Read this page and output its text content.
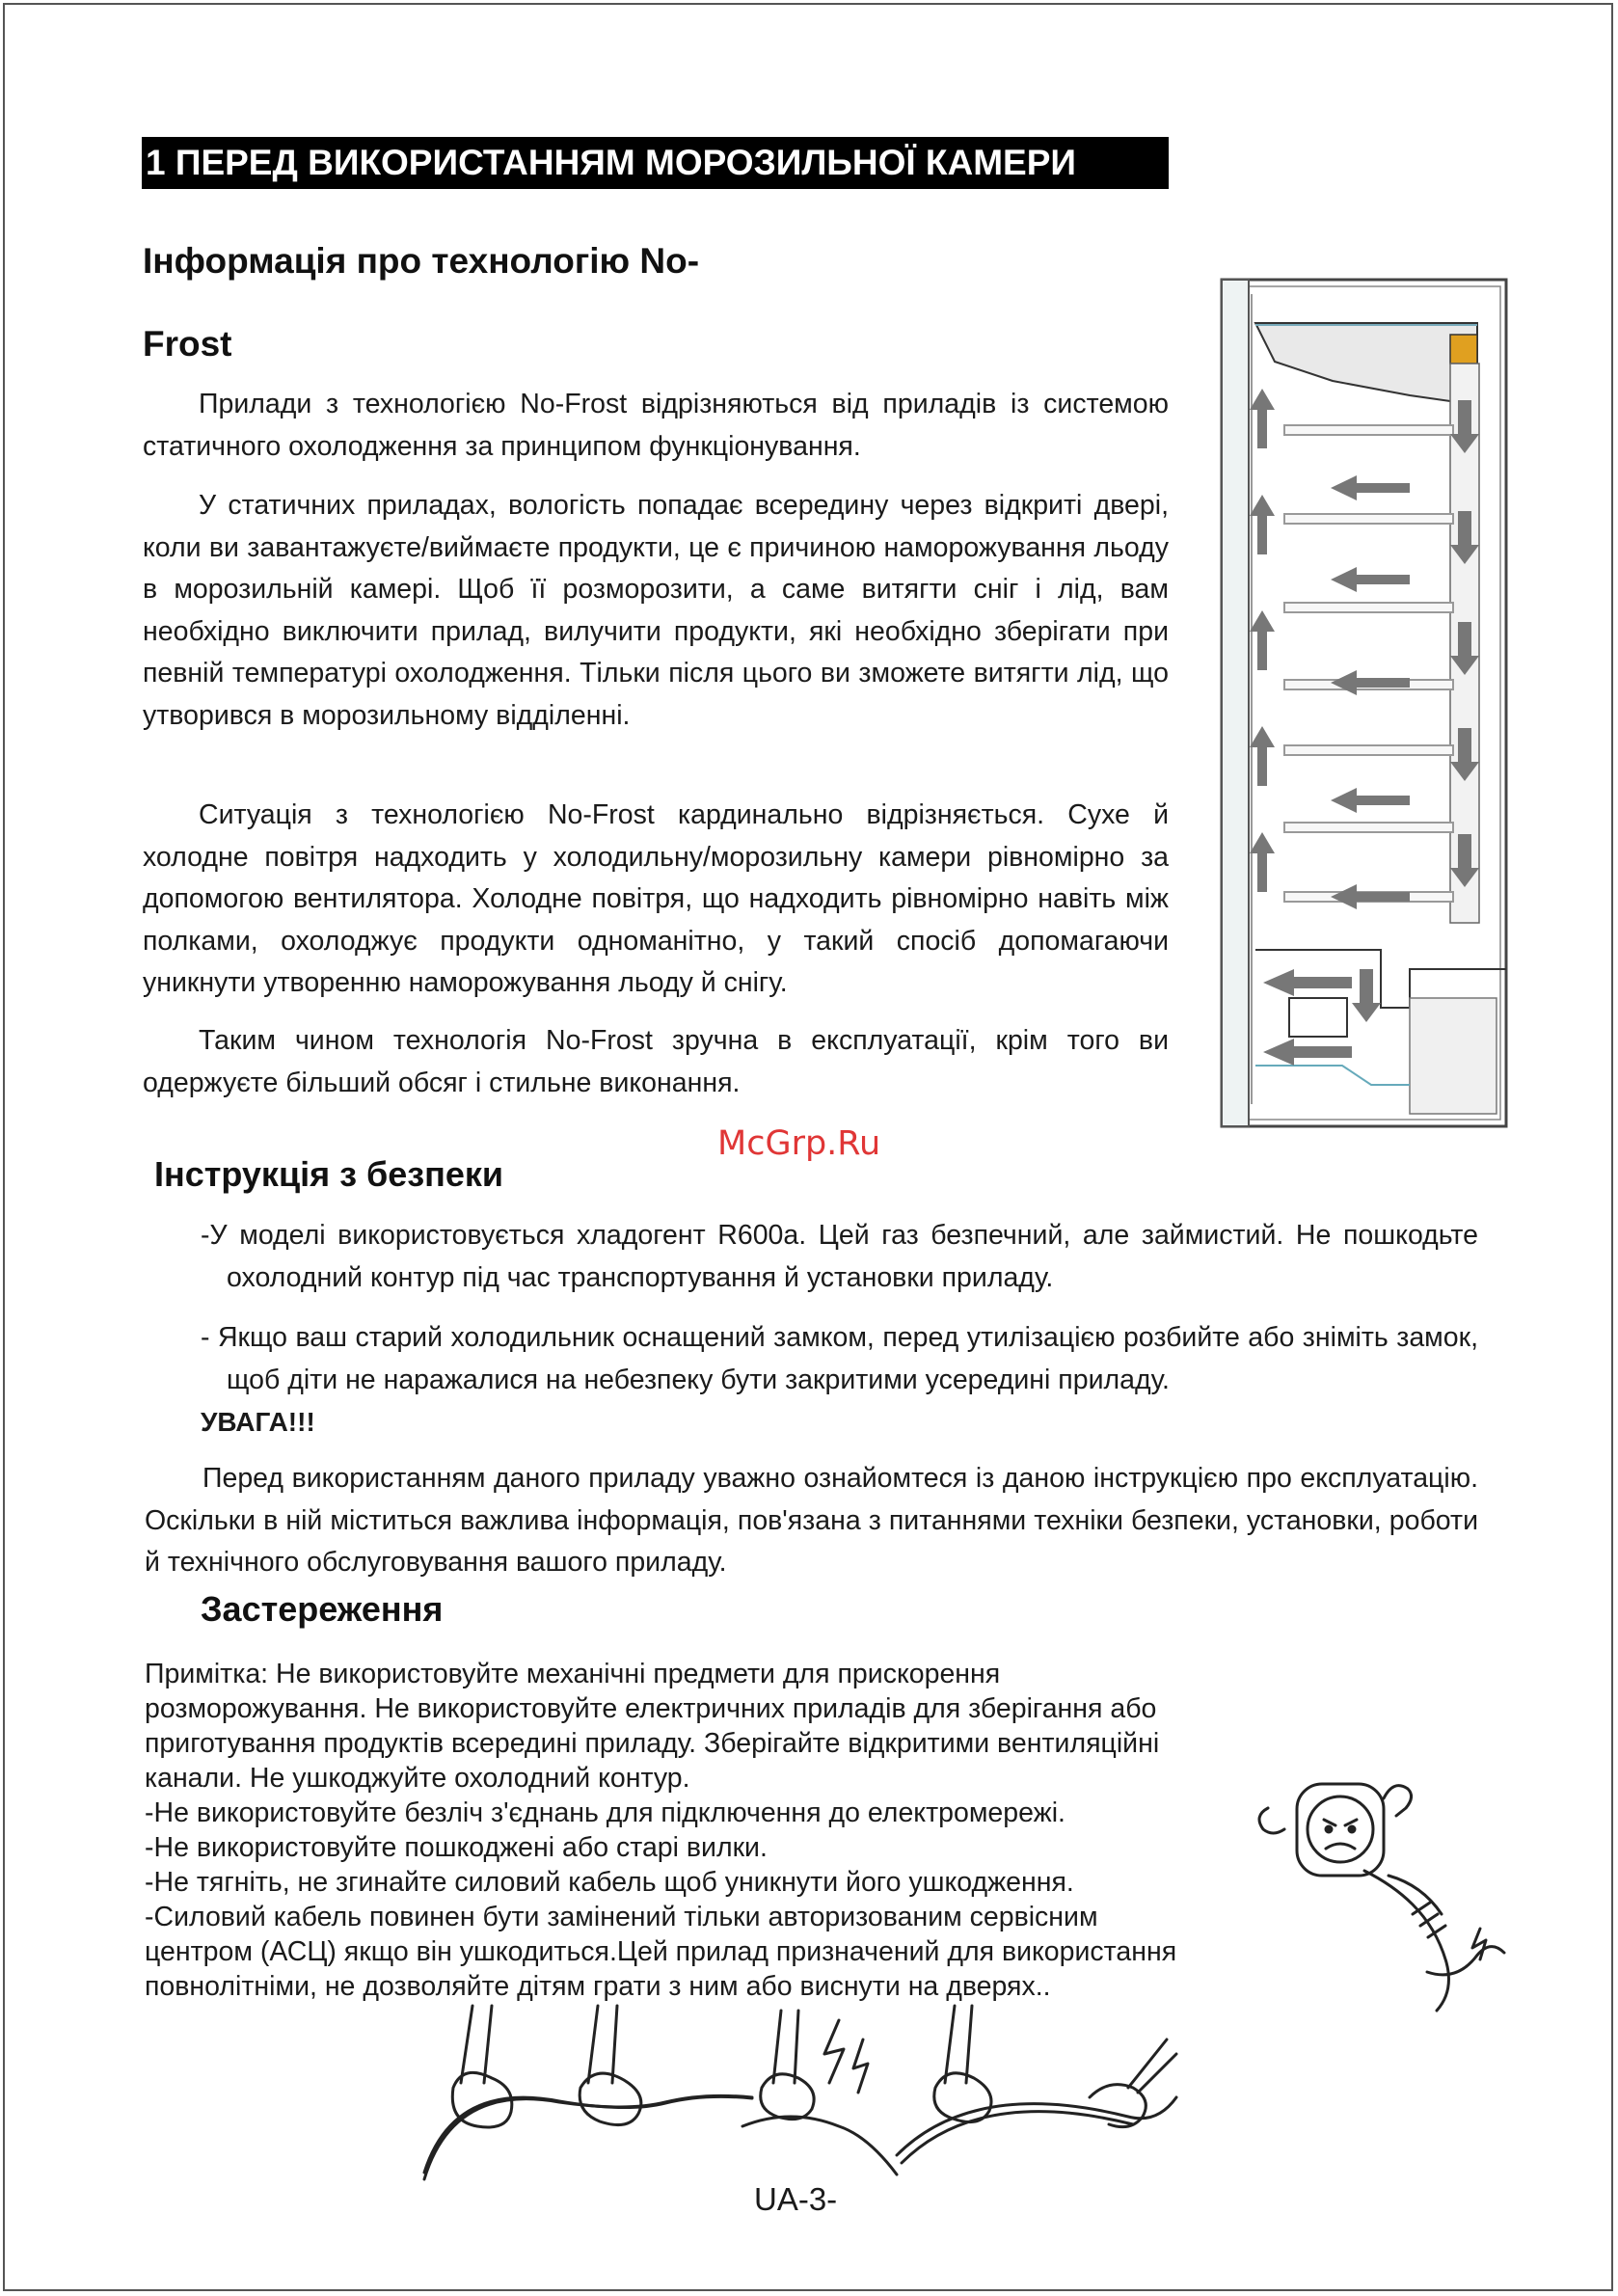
1 ПЕРЕД ВИКОРИСТАННЯМ МОРОЗИЛЬНОЇ КАМЕРИ
Інформація про технологію No-
Frost
Прилади з технологією No-Frost відрізняються від приладів із системою статичного охолодження за принципом функціонування.
У статичних приладах, вологість попадає всередину через відкриті двері, коли ви завантажуєте/виймаєте продукти, це є причиною наморожування льоду в морозильній камері. Щоб її розморозити, а саме витягти сніг і лід, вам необхідно виключити прилад, вилучити продукти, які необхідно зберігати при певній температурі охолодження. Тільки після цього ви зможете витягти лід, що утворився в морозильному відділенні.
Ситуація з технологією No-Frost кардинально відрізняється. Сухе й холодне повітря надходить у холодильну/морозильну камери рівномірно за допомогою вентилятора. Холодне повітря, що надходить рівномірно навіть між полками, охолоджує продукти одноманітно, у такий спосіб допомагаючи уникнути утворенню наморожування льоду й снігу.
Таким чином технологія No-Frost зручна в експлуатації, крім того ви одержуєте більший обсяг і стильне виконання.
McGrp.Ru
Інструкція з безпеки
-У моделі використовується хладогент R600a. Цей газ безпечний, але займистий. Не пошкодьте охолодний контур під час транспортування й установки приладу.
- Якщо ваш старий холодильник оснащений замком, перед утилізацією розбийте або зніміть замок, щоб діти не наражалися на небезпеку бути закритими усередині приладу.
УВАГА!!!
Перед використанням даного приладу уважно ознайомтеся із даною інструкцією про експлуатацію. Оскільки в ній міститься важлива інформація, пов'язана з питаннями техніки безпеки, установки, роботи й технічного обслуговування вашого приладу.
Застереження
Примітка: Не використовуйте механічні предмети для прискорення
розморожування. Не використовуйте електричних приладів для зберігання або
приготування продуктів всередині приладу. Зберігайте відкритими вентиляційні
канали. Не ушкоджуйте охолодний контур.
-Не використовуйте безліч з'єднань для підключення до електромережі.
-Не використовуйте пошкоджені або старі вилки.
-Не тягніть, не згинайте силовий кабель щоб уникнути його ушкодження.
-Силовий кабель повинен бути замінений тільки авторизованим сервісним
центром (АСЦ) якщо він ушкодиться.Цей прилад призначений для використання
повнолітніми, не дозволяйте дітям грати з ним або виснути на дверях..
UA-3-
